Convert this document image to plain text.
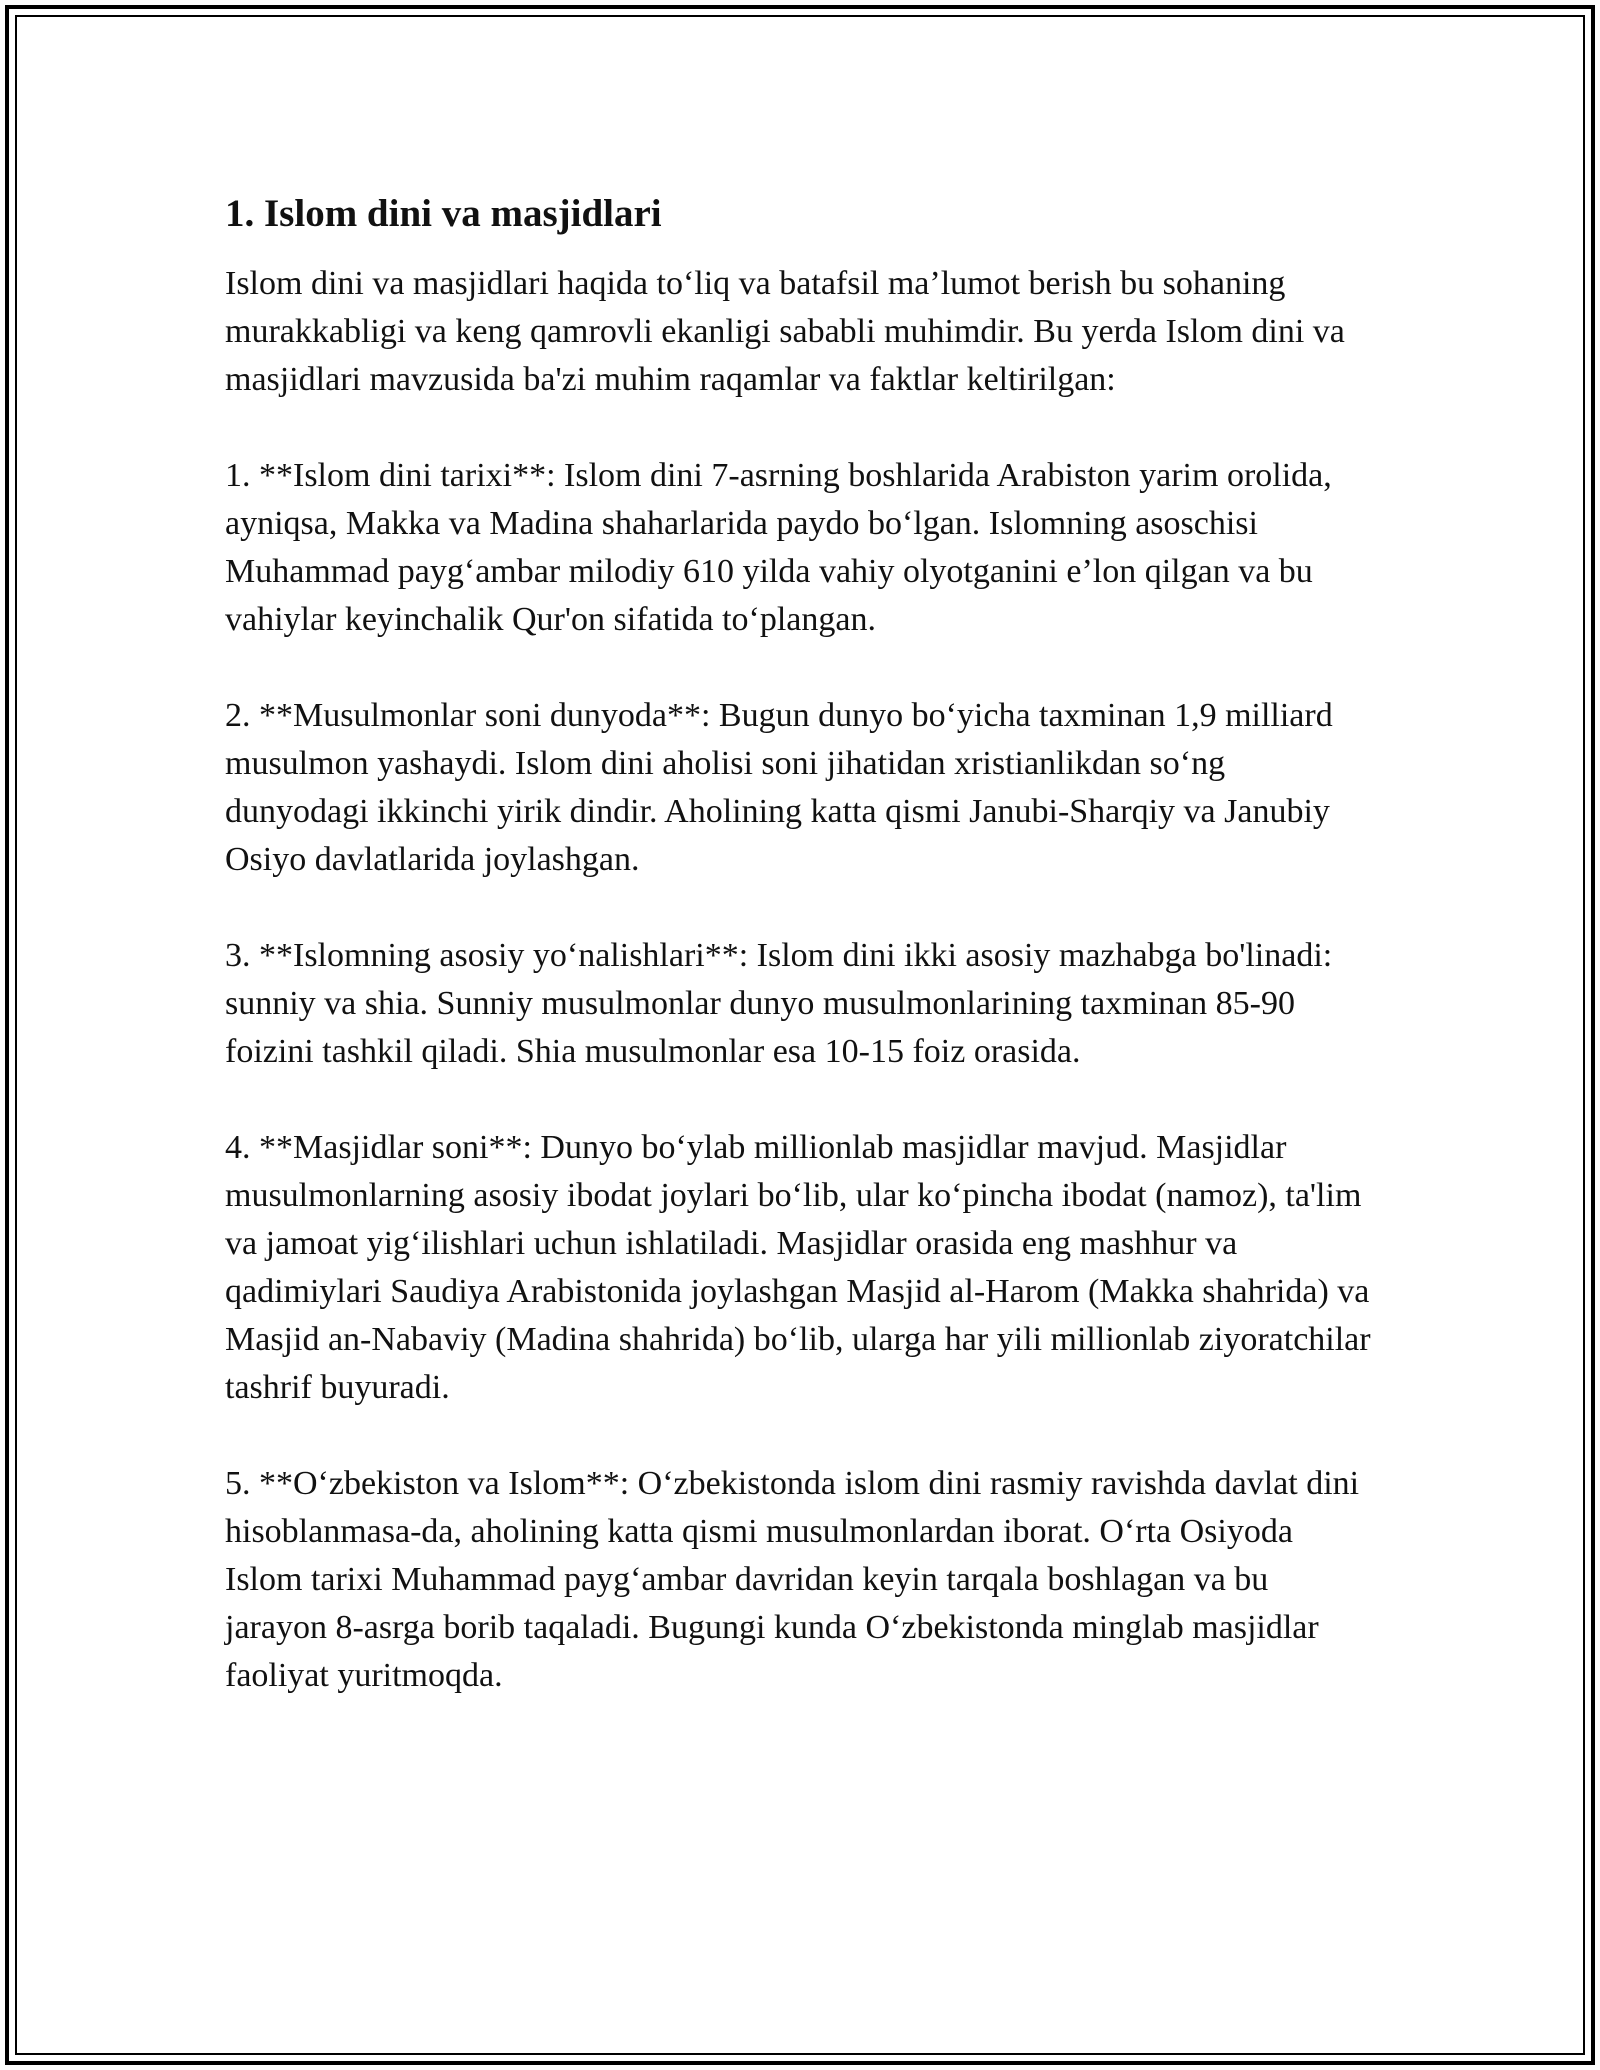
1. Islom dini va masjidlari

Islom dini va masjidlari haqida to‘liq va batafsil ma’lumot berish bu sohaning murakkabligi va keng qamrovli ekanligi sababli muhimdir. Bu yerda Islom dini va masjidlari mavzusida ba'zi muhim raqamlar va faktlar keltirilgan:

1. **Islom dini tarixi**: Islom dini 7-asrning boshlarida Arabiston yarim orolida, ayniqsa, Makka va Madina shaharlarida paydo bo‘lgan. Islomning asoschisi Muhammad payg‘ambar milodiy 610 yilda vahiy olyotganini e’lon qilgan va bu vahiylar keyinchalik Qur'on sifatida to‘plangan.

2. **Musulmonlar soni dunyoda**: Bugun dunyo bo‘yicha taxminan 1,9 milliard musulmon yashaydi. Islom dini aholisi soni jihatidan xristianlikdan so‘ng dunyodagi ikkinchi yirik dindir. Aholining katta qismi Janubi-Sharqiy va Janubiy Osiyo davlatlarida joylashgan.

3. **Islomning asosiy yo‘nalishlari**: Islom dini ikki asosiy mazhabga bo'linadi: sunniy va shia. Sunniy musulmonlar dunyo musulmonlarining taxminan 85-90 foizini tashkil qiladi. Shia musulmonlar esa 10-15 foiz orasida.

4. **Masjidlar soni**: Dunyo bo‘ylab millionlab masjidlar mavjud. Masjidlar musulmonlarning asosiy ibodat joylari bo‘lib, ular ko‘pincha ibodat (namoz), ta'lim va jamoat yig‘ilishlari uchun ishlatiladi. Masjidlar orasida eng mashhur va qadimiylari Saudiya Arabistonida joylashgan Masjid al-Harom (Makka shahrida) va Masjid an-Nabaviy (Madina shahrida) bo‘lib, ularga har yili millionlab ziyoratchilar tashrif buyuradi.

5. **O‘zbekiston va Islom**: O‘zbekistonda islom dini rasmiy ravishda davlat dini hisoblanmasa-da, aholining katta qismi musulmonlardan iborat. O‘rta Osiyoda Islom tarixi Muhammad payg‘ambar davridan keyin tarqala boshlagan va bu jarayon 8-asrga borib taqaladi. Bugungi kunda O‘zbekistonda minglab masjidlar faoliyat yuritmoqda.
